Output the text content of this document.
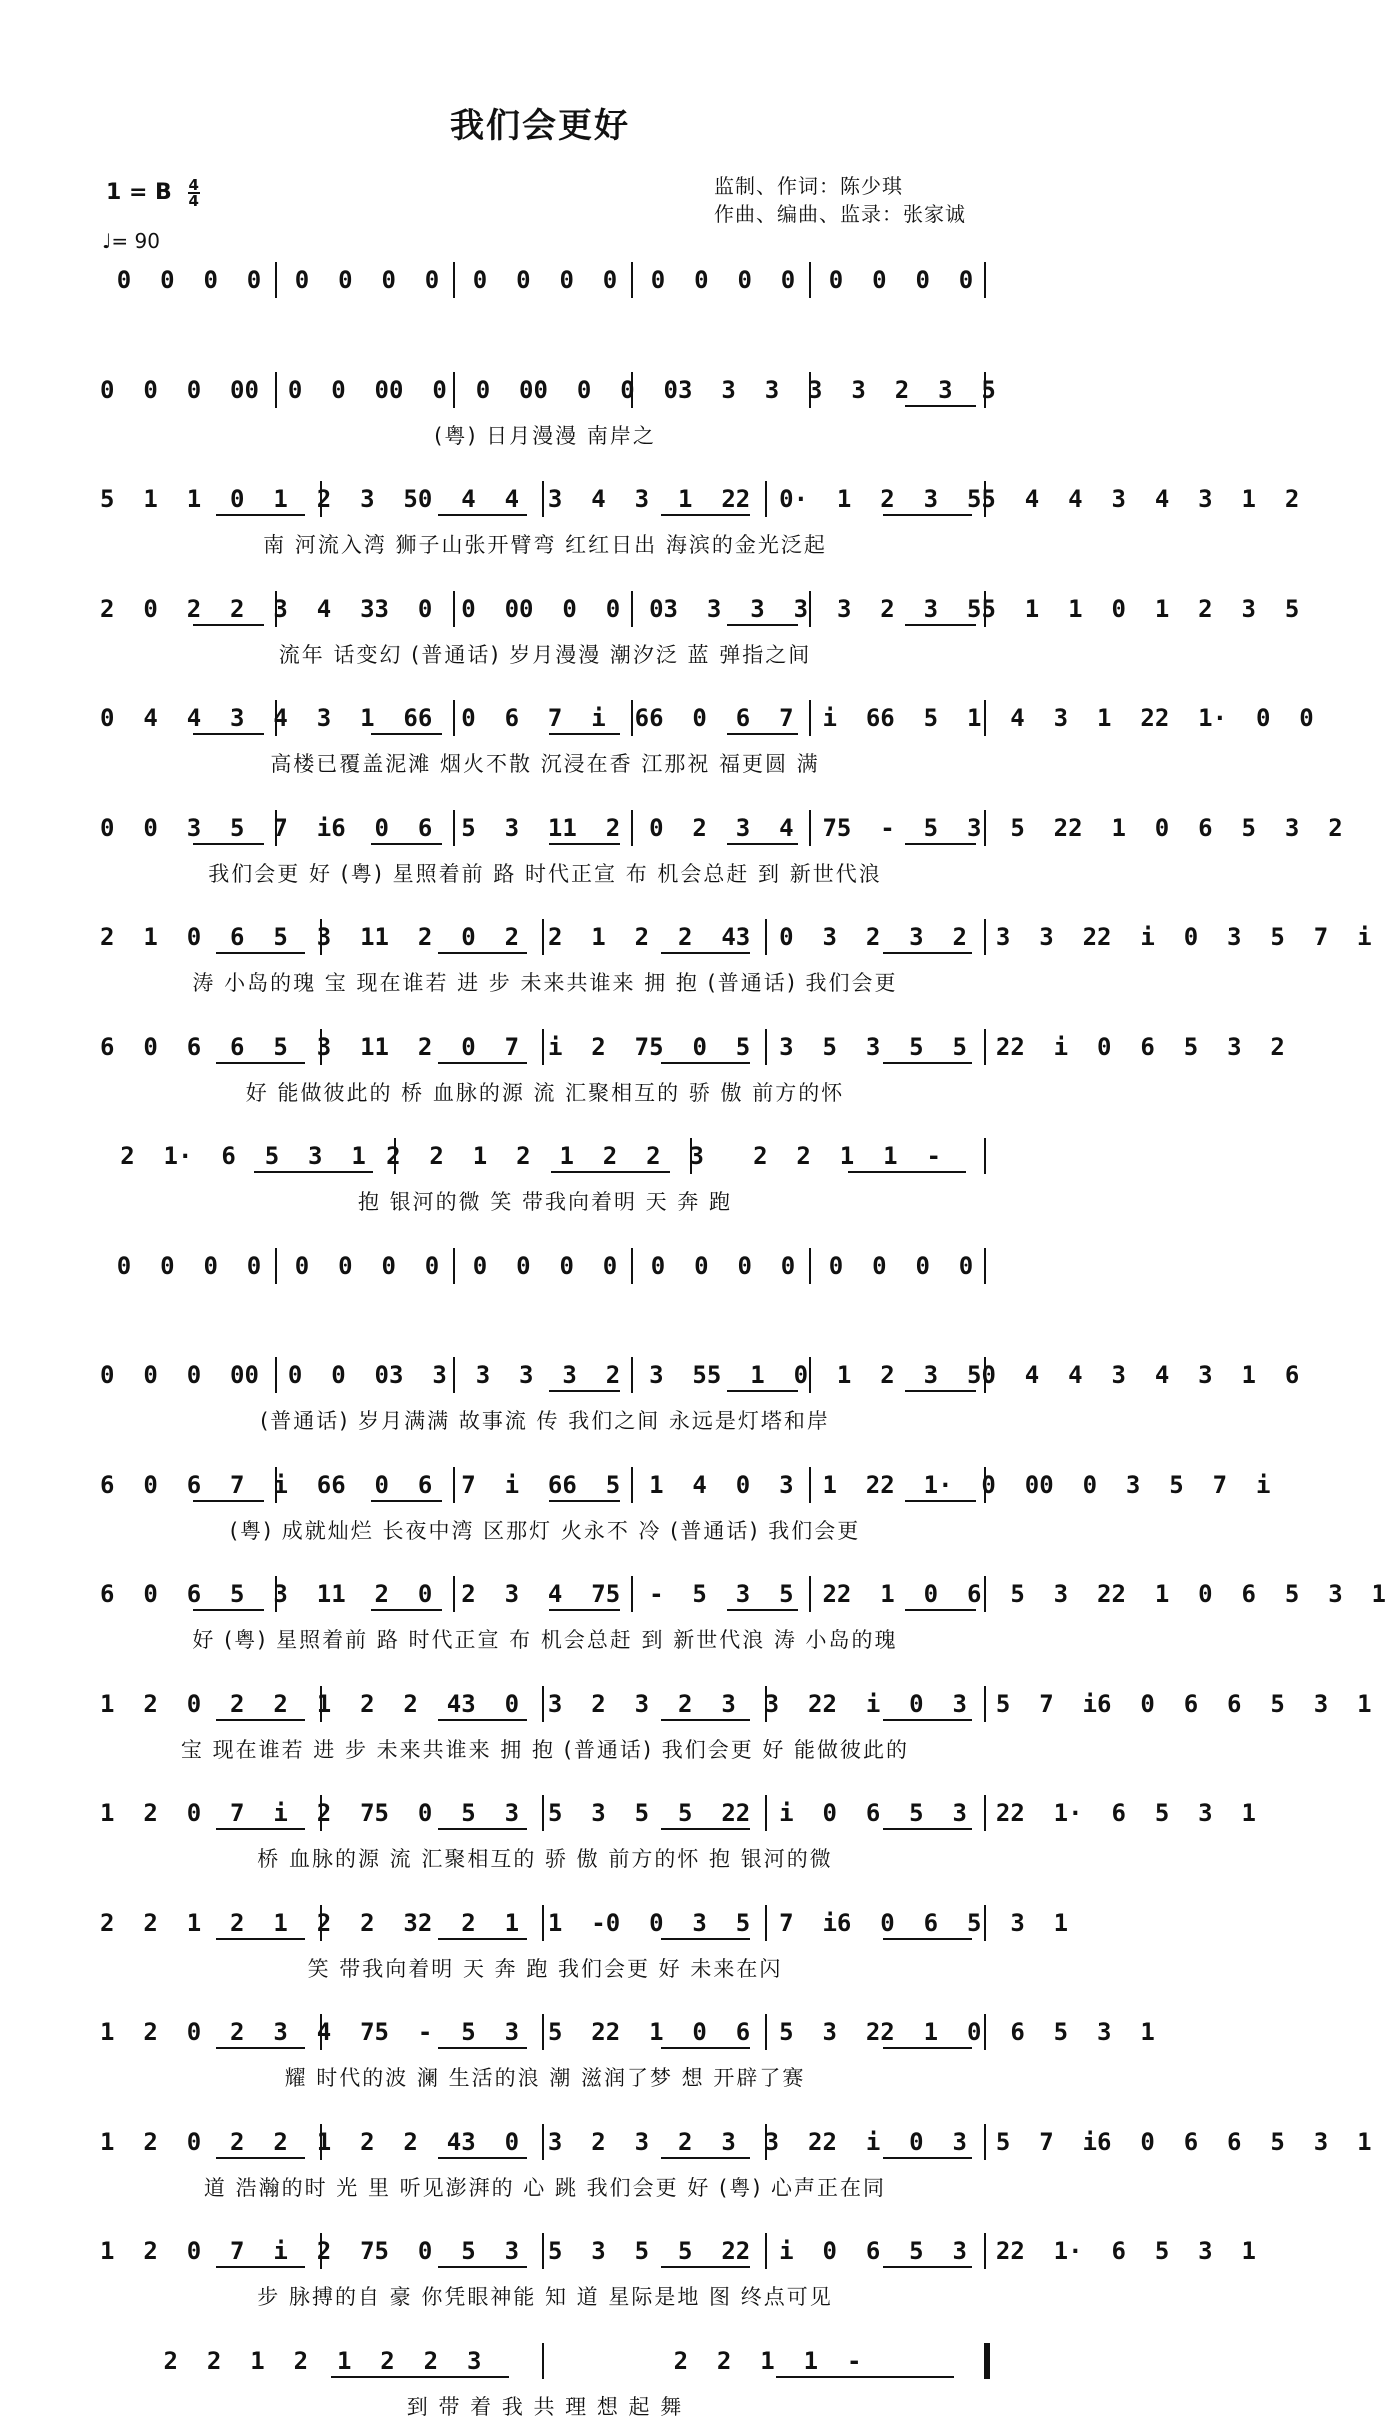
我们会更好
1 = B $\frac{4}{4}$
♩= 90
监制、作词：陈少琪
作曲、编曲、监录：张家诚
0  0  0  0	0  0  0  0	0  0  0  0	0  0  0  0	0  0  0  0
0  0  0  0 0  0  0  0 0  0  0  0 0  0  0  0 3  3  3  3  3  2  3  5
(粤) 日月漫漫 南岸之
5  1  1  0  1  2  3  5 0  4  4  3  4  3  1  2 2  0·  1  2  3  5 5  4  4  3  4  3  1  2
南 河流入湾 狮子山张开臂弯 红红日出 海滨的金光泛起
2  0  2  2  3  4  3 3  0  0  0 0  0  0  0 3  3  3  3  3  2  3  5 5  1  1  0  1  2  3  5
流年 话变幻 (普通话) 岁月漫漫 潮汐泛 蓝 弹指之间
0  4  4  3  4  3  1  6 6  0  6  7  i  6 6  0  6  7  i  6 6  5  1  4  3  1  2 2  1·  0  0
高楼已覆盖泥滩 烟火不散 沉浸在香 江那祝 福更圆 满
0  0  3  5  7  i 6  0  6  5  3  1 1  2  0  2  3  4  7 5  -  5  3  5  2 2  1  0  6  5  3  2
我们会更 好 (粤) 星照着前 路 时代正宣 布 机会总赶 到 新世代浪
2  1  0  6  5  3  1 1  2  0  2  2  1  2  2  4 3  0  3  2  3  2  3  3  2 2  i  0  3  5  7  i
涛 小岛的瑰 宝 现在谁若 进 步 未来共谁来 拥 抱 (普通话) 我们会更
6  0  6  6  5  3  1 1  2  0  7  i  2  7 5  0  5  3  5  3  5  5  2 2  i  0  6  5  3  2
好 能做彼此的 桥 血脉的源 流 汇聚相互的 骄 傲 前方的怀
2  1·  6  5  3  1 2  2  1  2  1  2  2  3	2  2  1  1  -
抱 银河的微 笑 带我向着明 天 奔 跑
0  0  0  0	0  0  0  0	0  0  0  0	0  0  0  0	0  0  0  0
0  0  0  0 0  0  0  0 3  3  3  3  3  2  3  5 5  1  0  1  2  3  5 0  4  4  3  4  3  1  6
(普通话) 岁月满满 故事流 传 我们之间 永远是灯塔和岸
6  0  6  7  i  6 6  0  6  7  i  6 6  5  1  4  0  3  1  2 2  1·  0  0 0  0  3  5  7  i
(粤) 成就灿烂 长夜中湾 区那灯 火永不 冷 (普通话) 我们会更
6  0  6  5  3  1 1  2  0  2  3  4  7 5  -  5  3  5  2 2  1  0  6  5  3  2 2  1  0  6  5  3  1
好 (粤) 星照着前 路 时代正宣 布 机会总赶 到 新世代浪 涛 小岛的瑰
1  2  0  2  2  1  2  2  4 3  0  3  2  3  2  3  3  2 2  i  0  3  5  7  i 6  0  6  6  5  3  1
宝 现在谁若 进 步 未来共谁来 拥 抱 (普通话) 我们会更 好 能做彼此的
1  2  0  7  i  2  7 5  0  5  3  5  3  5  5  2 2  i  0  6  5  3  2 2  1·  6  5  3  1
桥 血脉的源 流 汇聚相互的 骄 傲 前方的怀 抱 银河的微
2  2  1  2  1  2  2  3 2  2  1  1  - 0  0  3  5  7  i 6  0  6  5  3  1
笑 带我向着明 天 奔 跑 我们会更 好 未来在闪
1  2  0  2  3  4  7 5  -  5  3  5  2 2  1  0  6  5  3  2 2  1  0  6  5  3  1
耀 时代的波 澜 生活的浪 潮 滋润了梦 想 开辟了赛
1  2  0  2  2  1  2  2  4 3  0  3  2  3  2  3  3  2 2  i  0  3  5  7  i 6  0  6  6  5  3  1
道 浩瀚的时 光 里 听见澎湃的 心 跳 我们会更 好 (粤) 心声正在同
1  2  0  7  i  2  7 5  0  5  3  5  3  5  5  2 2  i  0  6  5  3  2 2  1·  6  5  3  1
步 脉搏的自 豪 你凭眼神能 知 道 星际是地 图 终点可见
2  2  1  2  1  2  2  3	2  2  1  1  -
到 带 着 我 共 理 想 起 舞
